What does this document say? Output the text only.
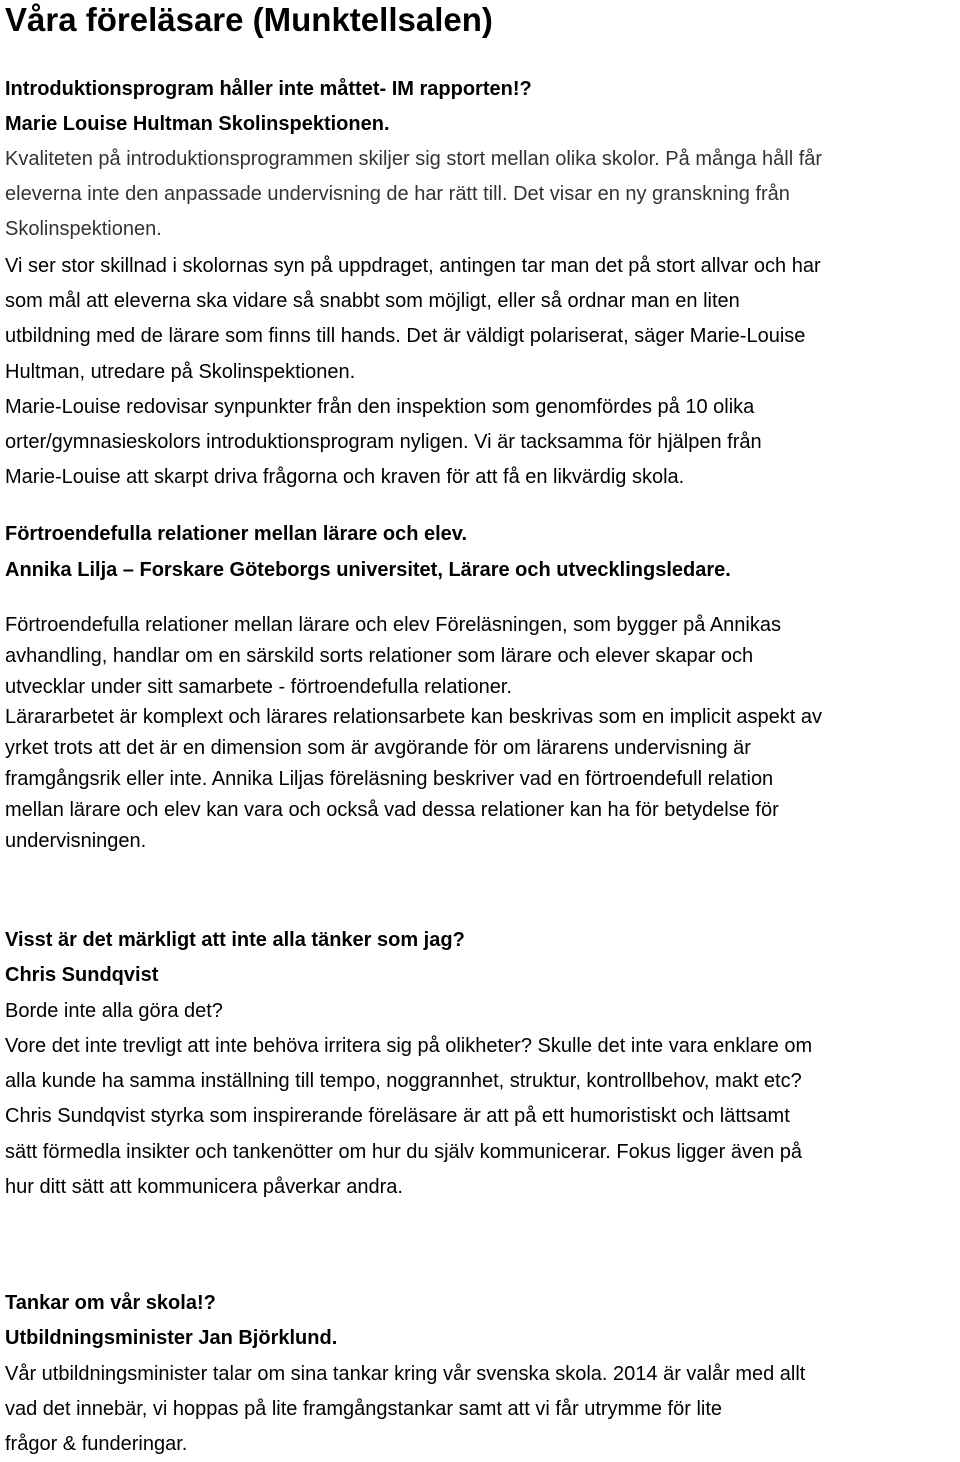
Våra föreläsare (Munktellsalen)
Introduktionsprogram håller inte måttet- IM rapporten!?
Marie Louise Hultman Skolinspektionen.
Kvaliteten på introduktionsprogrammen skiljer sig stort mellan olika skolor. På många håll får
eleverna inte den anpassade undervisning de har rätt till. Det visar en ny granskning från
Skolinspektionen.
Vi ser stor skillnad i skolornas syn på uppdraget, antingen tar man det på stort allvar och har
som mål att eleverna ska vidare så snabbt som möjligt, eller så ordnar man en liten
utbildning med de lärare som finns till hands. Det är väldigt polariserat, säger Marie-Louise
Hultman, utredare på Skolinspektionen.
Marie-Louise redovisar synpunkter från den inspektion som genomfördes på 10 olika
orter/gymnasieskolors introduktionsprogram nyligen. Vi är tacksamma för hjälpen från
Marie-Louise att skarpt driva frågorna och kraven för att få en likvärdig skola.
Förtroendefulla relationer mellan lärare och elev.
Annika Lilja – Forskare Göteborgs universitet, Lärare och utvecklingsledare.
Förtroendefulla relationer mellan lärare och elev Föreläsningen, som bygger på Annikas
avhandling, handlar om en särskild sorts relationer som lärare och elever skapar och
utvecklar under sitt samarbete - förtroendefulla relationer.
Lärararbetet är komplext och lärares relationsarbete kan beskrivas som en implicit aspekt av
yrket trots att det är en dimension som är avgörande för om lärarens undervisning är
framgångsrik eller inte. Annika Liljas föreläsning beskriver vad en förtroendefull relation
mellan lärare och elev kan vara och också vad dessa relationer kan ha för betydelse för
undervisningen.
Visst är det märkligt att inte alla tänker som jag?
Chris Sundqvist
Borde inte alla göra det?
Vore det inte trevligt att inte behöva irritera sig på olikheter? Skulle det inte vara enklare om
alla kunde ha samma inställning till tempo, noggrannhet, struktur, kontrollbehov, makt etc?
Chris Sundqvist styrka som inspirerande föreläsare är att på ett humoristiskt och lättsamt
sätt förmedla insikter och tankenötter om hur du själv kommunicerar. Fokus ligger även på
hur ditt sätt att kommunicera påverkar andra.
Tankar om vår skola!?
Utbildningsminister Jan Björklund.
Vår utbildningsminister talar om sina tankar kring vår svenska skola. 2014 är valår med allt
vad det innebär, vi hoppas på lite framgångstankar samt att vi får utrymme för lite
frågor & funderingar.
